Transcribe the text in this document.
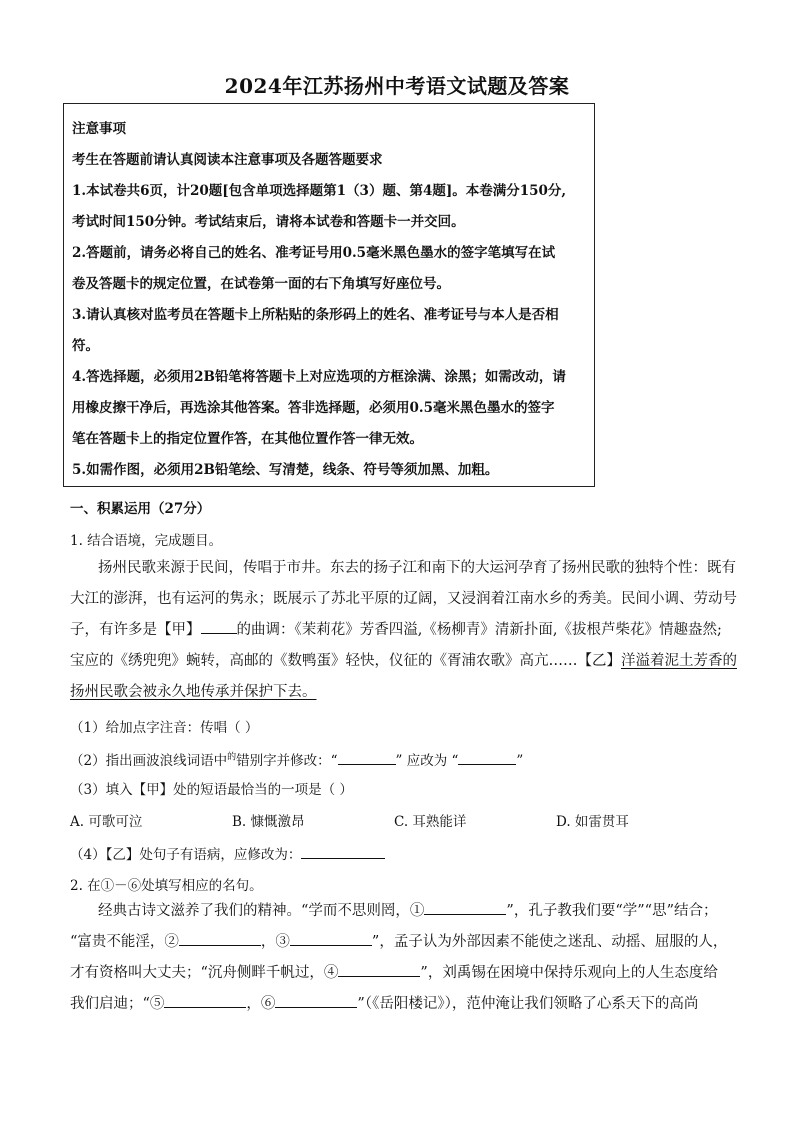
2024年江苏扬州中考语文试题及答案
注意事项
考生在答题前请认真阅读本注意事项及各题答题要求
1.本试卷共6页，计20题[包含单项选择题第1（3）题、第4题]。本卷满分150分,
考试时间150分钟。考试结束后，请将本试卷和答题卡一并交回。
2.答题前，请务必将自己的姓名、准考证号用0.5毫米黑色墨水的签字笔填写在试
卷及答题卡的规定位置，在试卷第一面的右下角填写好座位号。
3.请认真核对监考员在答题卡上所粘贴的条形码上的姓名、准考证号与本人是否相
符。
4.答选择题，必须用2B铅笔将答题卡上对应选项的方框涂满、涂黑；如需改动，请
用橡皮擦干净后，再选涂其他答案。答非选择题，必须用0.5毫米黑色墨水的签字
笔在答题卡上的指定位置作答，在其他位置作答一律无效。
5.如需作图，必须用2B铅笔绘、写清楚，线条、符号等须加黑、加粗。
一、积累运用（27分）
1. 结合语境，完成题目。
扬州民歌来源于民间，传唱于市井。东去的扬子江和南下的大运河孕育了扬州民歌的独特个性：既有
大江的澎湃，也有运河的隽永；既展示了苏北平原的辽阔，又浸润着江南水乡的秀美。民间小调、劳动号
子，有许多是【甲】 的曲调：《茉莉花》芳香四溢,《杨柳青》清新扑面,《拔根芦柴花》情趣盎然;
宝应的《绣兜兜》蜿转，高邮的《数鸭蛋》轻快，仪征的《胥浦农歌》高亢……【乙】洋溢着泥土芳香的
扬州民歌会被永久地传承并保护下去。
（1）给加点字注音：传唱（ ）
（2）指出画波浪线词语中$^的$错别字并修改：“	” 应改为 “	”
（3）填入【甲】处的短语最恰当的一项是（ ）
A. 可歌可泣	B. 慷慨激昂	C. 耳熟能详	D. 如雷贯耳
（4）【乙】处句子有语病，应修改为：
2. 在①－⑥处填写相应的名句。
经典古诗文滋养了我们的精神。“学而不思则罔，①	”，孔子教我们要“学”“思”结合；
“富贵不能淫，②	，③	”，孟子认为外部因素不能使之迷乱、动摇、屈服的人，
才有资格叫大丈夫；“沉舟侧畔千帆过，④	”，刘禹锡在困境中保持乐观向上的人生态度给
我们启迪；“⑤	，⑥	”（《岳阳楼记》），范仲淹让我们领略了心系天下的高尚
